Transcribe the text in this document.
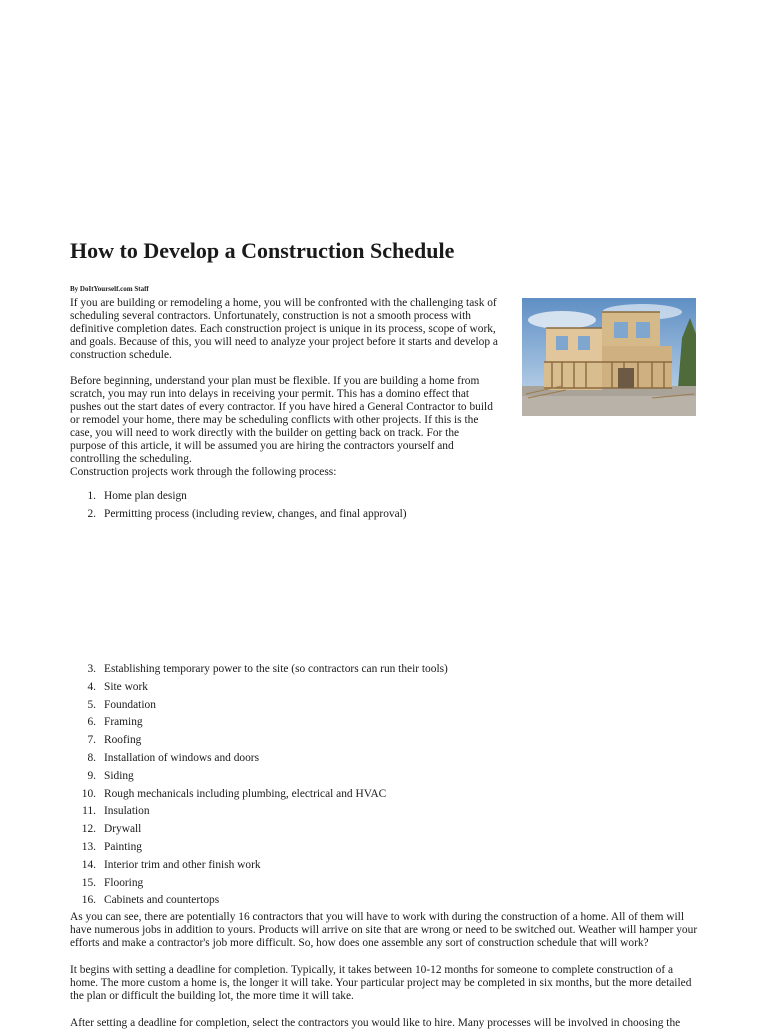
How to Develop a Construction Schedule
By DoItYourself.com Staff

If you are building or remodeling a home, you will be confronted with the challenging task of scheduling several contractors. Unfortunately, construction is not a smooth process with definitive completion dates. Each construction project is unique in its process, scope of work, and goals. Because of this, you will need to analyze your project before it starts and develop a construction schedule.

Before beginning, understand your plan must be flexible. If you are building a home from scratch, you may run into delays in receiving your permit. This has a domino effect that pushes out the start dates of every contractor. If you have hired a General Contractor to build or remodel your home, there may be scheduling conflicts with other projects. If this is the case, you will need to work directly with the builder on getting back on track. For the purpose of this article, it will be assumed you are hiring the contractors yourself and controlling the scheduling.

Construction projects work through the following process:

1. Home plan design
2. Permitting process (including review, changes, and final approval)
3. Establishing temporary power to the site (so contractors can run their tools)
4. Site work
5. Foundation
6. Framing
7. Roofing
8. Installation of windows and doors
9. Siding
10. Rough mechanicals including plumbing, electrical and HVAC
11. Insulation
12. Drywall
13. Painting
14. Interior trim and other finish work
15. Flooring
16. Cabinets and countertops

As you can see, there are potentially 16 contractors that you will have to work with during the construction of a home. All of them will have numerous jobs in addition to yours. Products will arrive on site that are wrong or need to be switched out. Weather will hamper your efforts and make a contractor's job more difficult. So, how does one assemble any sort of construction schedule that will work?

It begins with setting a deadline for completion. Typically, it takes between 10-12 months for someone to complete construction of a home. The more custom a home is, the longer it will take. Your particular project may be completed in six months, but the more detailed the plan or difficult the building lot, the more time it will take.

After setting a deadline for completion, select the contractors you would like to hire. Many processes will be involved in choosing the
